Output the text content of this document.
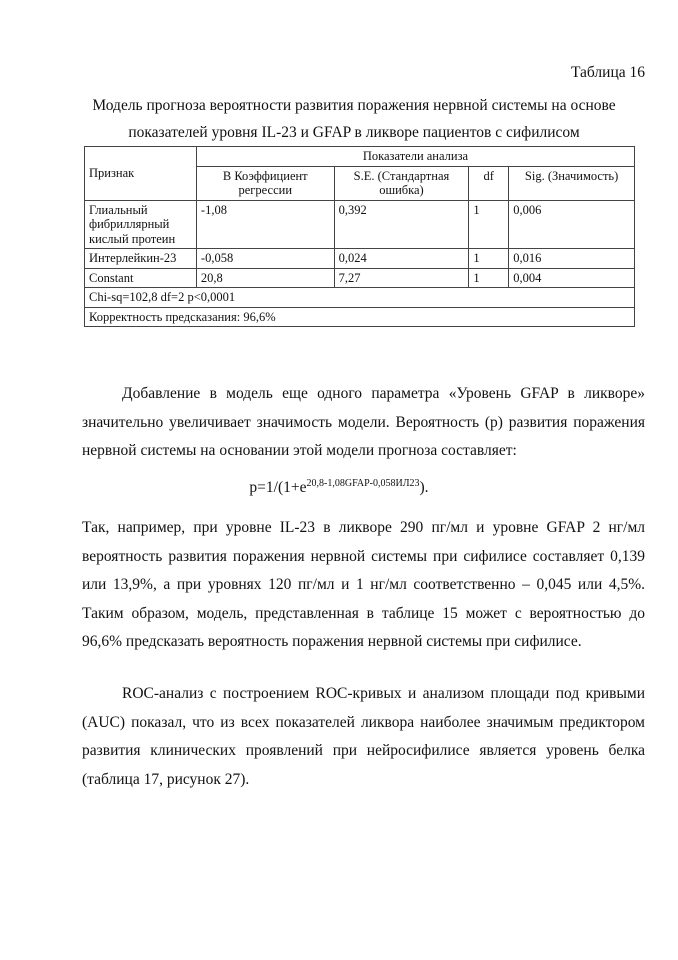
Таблица 16
Модель прогноза вероятности развития поражения нервной системы на основе
показателей уровня IL-23 и GFAP в ликворе пациентов с сифилисом
Признак	Показатели анализа			
	В Коэффициент регрессии	S.E. (Стандартная ошибка)	df	Sig. (Значимость)
Глиальный фибриллярный кислый протеин	-1,08	0,392	1	0,006
Интерлейкин-23	-0,058	0,024	1	0,016
Constant	20,8	7,27	1	0,004
Chi-sq=102,8 df=2 p<0,0001				
Корректность предсказания: 96,6%				

Добавление в модель еще одного параметра «Уровень GFAP в ликворе» значительно увеличивает значимость модели. Вероятность (p) развития поражения нервной системы на основании этой модели прогноза составляет:

$p=1/(1+e^{20,8-1,08GFAP-0,058ИЛ23})$.

Так, например, при уровне IL-23 в ликворе 290 пг/мл и уровне GFAP 2 нг/мл вероятность развития поражения нервной системы при сифилисе составляет 0,139 или 13,9%, а при уровнях 120 пг/мл и 1 нг/мл соответственно – 0,045 или 4,5%. Таким образом, модель, представленная в таблице 15 может с вероятностью до 96,6% предсказать вероятность поражения нервной системы при сифилисе.

ROC-анализ с построением ROC-кривых и анализом площади под кривыми (AUC) показал, что из всех показателей ликвора наиболее значимым предиктором развития клинических проявлений при нейросифилисе является уровень белка (таблица 17, рисунок 27).
